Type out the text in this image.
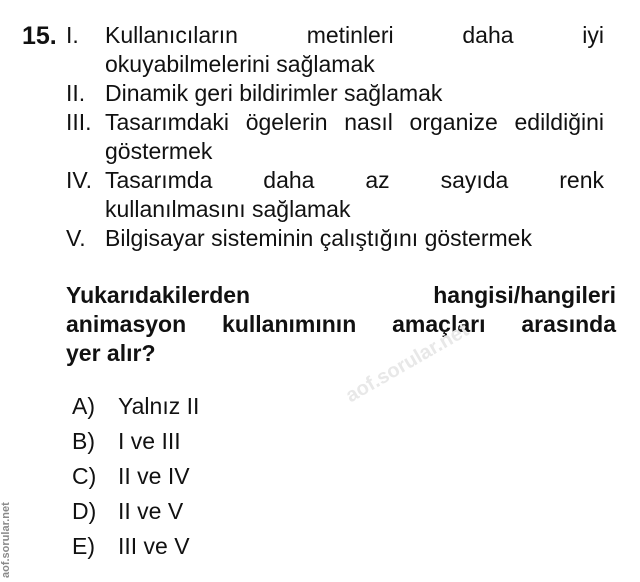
15. I. Kullanıcıların metinleri daha iyi
okuyabilmelerini sağlamak
II. Dinamik geri bildirimler sağlamak
III. Tasarımdaki ögelerin nasıl organize edildiğini
göstermek
IV. Tasarımda daha az sayıda renk
kullanılmasını sağlamak
V. Bilgisayar sisteminin çalıştığını göstermek
Yukarıdakilerden hangisi/hangileri
animasyon kullanımının amaçları arasında
yer alır?
A) Yalnız II
B) I ve III
C) II ve IV
D) II ve V
E) III ve V
aof.sorular.net
aof.sorular.net
